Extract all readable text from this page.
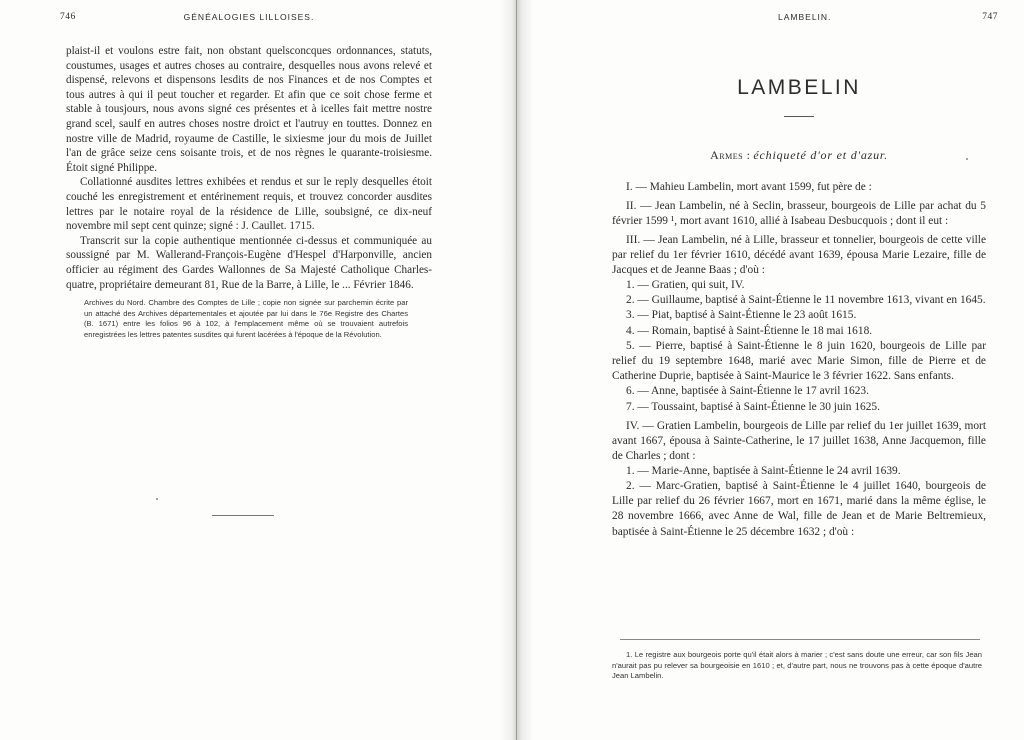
746	GÉNÉALOGIES LILLOISES.

plaist-il et voulons estre fait, non obstant quelsconcques ordonnances, statuts, coustumes, usages et autres choses au contraire, desquelles nous avons relevé et dispensé, relevons et dispensons lesdits de nos Finances et de nos Comptes et tous autres à qui il peut toucher et regarder. Et afin que ce soit chose ferme et stable à tousjours, nous avons signé ces présentes et à icelles fait mettre nostre grand scel, saulf en autres choses nostre droict et l'autruy en touttes. Donnez en nostre ville de Madrid, royaume de Castille, le sixiesme jour du mois de Juillet l'an de grâce seize cens soisante trois, et de nos règnes le quarante-troisiesme. Étoit signé Philippe.

Collationné ausdites lettres exhibées et rendus et sur le reply desquelles étoit couché les enregistrement et entérinement requis, et trouvez concorder ausdites lettres par le notaire royal de la résidence de Lille, soubsigné, ce dix-neuf novembre mil sept cent quinze; signé : J. Caullet. 1715.

Transcrit sur la copie authentique mentionnée ci-dessus et communiquée au soussigné par M. Wallerand-François-Eugène d'Hespel d'Harponville, ancien officier au régiment des Gardes Wallonnes de Sa Majesté Catholique Charles-quatre, propriétaire demeurant 81, Rue de la Barre, à Lille, le ... Février 1846.

Archives du Nord. Chambre des Comptes de Lille ; copie non signée sur parchemin écrite par un attaché des Archives départementales et ajoutée par lui dans le 76e Registre des Chartes (B. 1671) entre les folios 96 à 102, à l'emplacement même où se trouvaient autrefois enregistrées les lettres patentes susdites qui furent lacérées à l'époque de la Révolution.

LAMBELIN.	747
LAMBELIN
Armes : échiqueté d'or et d'azur.

I. — Mahieu Lambelin, mort avant 1599, fut père de :

II. — Jean Lambelin, né à Seclin, brasseur, bourgeois de Lille par achat du 5 février 1599 ¹, mort avant 1610, allié à Isabeau Desbucquois ; dont il eut :

III. — Jean Lambelin, né à Lille, brasseur et tonnelier, bourgeois de cette ville par relief du 1er février 1610, décédé avant 1639, épousa Marie Lezaire, fille de Jacques et de Jeanne Baas ; d'où :

1. — Gratien, qui suit, IV.

2. — Guillaume, baptisé à Saint-Étienne le 11 novembre 1613, vivant en 1645.

3. — Piat, baptisé à Saint-Étienne le 23 août 1615.

4. — Romain, baptisé à Saint-Étienne le 18 mai 1618.

5. — Pierre, baptisé à Saint-Étienne le 8 juin 1620, bourgeois de Lille par relief du 19 septembre 1648, marié avec Marie Simon, fille de Pierre et de Catherine Duprie, baptisée à Saint-Maurice le 3 février 1622. Sans enfants.

6. — Anne, baptisée à Saint-Étienne le 17 avril 1623.

7. — Toussaint, baptisé à Saint-Étienne le 30 juin 1625.

IV. — Gratien Lambelin, bourgeois de Lille par relief du 1er juillet 1639, mort avant 1667, épousa à Sainte-Catherine, le 17 juillet 1638, Anne Jacquemon, fille de Charles ; dont :

1. — Marie-Anne, baptisée à Saint-Étienne le 24 avril 1639.

2. — Marc-Gratien, baptisé à Saint-Étienne le 4 juillet 1640, bourgeois de Lille par relief du 26 février 1667, mort en 1671, marié dans la même église, le 28 novembre 1666, avec Anne de Wal, fille de Jean et de Marie Beltremieux, baptisée à Saint-Étienne le 25 décembre 1632 ; d'où :

1. Le registre aux bourgeois porte qu'il était alors à marier ; c'est sans doute une erreur, car son fils Jean n'aurait pas pu relever sa bourgeoisie en 1610 ; et, d'autre part, nous ne trouvons pas à cette époque d'autre Jean Lambelin.
